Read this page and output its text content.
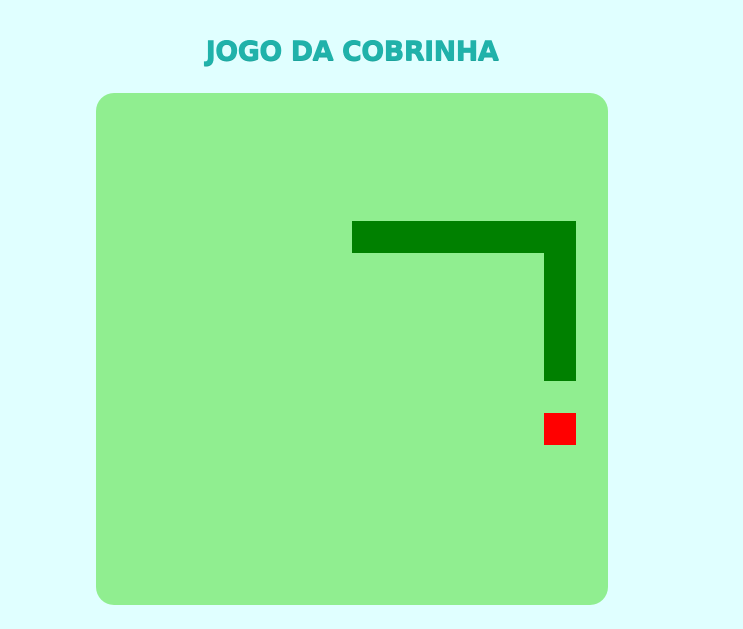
JOGO DA COBRINHA
